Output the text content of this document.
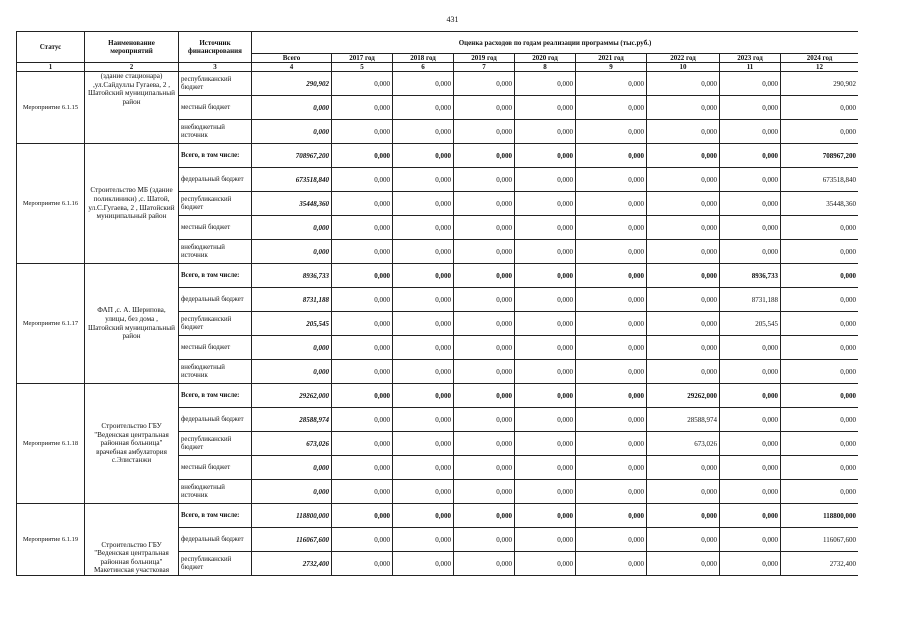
431
Статус	Наименование мероприятий	Источник финансирования	Оценка расходов по годам реализации программы (тыс.руб.)								
			Всего	2017 год	2018 год	2019 год	2020 год	2021 год	2022 год	2023 год	2024 год
1	2	3	4	5	6	7	8	9	10	11	12
Мероприятие 6.1.15	(здание стационара) ,ул.Сайдуллы Гугаева, 2 , Шатойский муниципальный район	республиканский бюджет	290,902	0,000	0,000	0,000	0,000	0,000	0,000	0,000	290,902
		местный бюджет	0,000	0,000	0,000	0,000	0,000	0,000	0,000	0,000	0,000
		внебюджетный источник	0,000	0,000	0,000	0,000	0,000	0,000	0,000	0,000	0,000
Мероприятие 6.1.16	Строительство МБ (здание поликлиники) ,с. Шатой, ул.С.Гугаева, 2 , Шатойский муниципальный район	Всего, в том числе:	708967,200	0,000	0,000	0,000	0,000	0,000	0,000	0,000	708967,200
		федеральный бюджет	673518,840	0,000	0,000	0,000	0,000	0,000	0,000	0,000	673518,840
		республиканский бюджет	35448,360	0,000	0,000	0,000	0,000	0,000	0,000	0,000	35448,360
		местный бюджет	0,000	0,000	0,000	0,000	0,000	0,000	0,000	0,000	0,000
		внебюджетный источник	0,000	0,000	0,000	0,000	0,000	0,000	0,000	0,000	0,000
Мероприятие 6.1.17	ФАП ,с. А. Шерипова, улицы, без дома , Шатойский муниципальный район	Всего, в том числе:	8936,733	0,000	0,000	0,000	0,000	0,000	0,000	8936,733	0,000
		федеральный бюджет	8731,188	0,000	0,000	0,000	0,000	0,000	0,000	8731,188	0,000
		республиканский бюджет	205,545	0,000	0,000	0,000	0,000	0,000	0,000	205,545	0,000
		местный бюджет	0,000	0,000	0,000	0,000	0,000	0,000	0,000	0,000	0,000
		внебюджетный источник	0,000	0,000	0,000	0,000	0,000	0,000	0,000	0,000	0,000
Мероприятие 6.1.18	Строительство ГБУ "Веденская центральная районная больница" врачебная амбулатория с.Элистанжи	Всего, в том числе:	29262,000	0,000	0,000	0,000	0,000	0,000	29262,000	0,000	0,000
		федеральный бюджет	28588,974	0,000	0,000	0,000	0,000	0,000	28588,974	0,000	0,000
		республиканский бюджет	673,026	0,000	0,000	0,000	0,000	0,000	673,026	0,000	0,000
		местный бюджет	0,000	0,000	0,000	0,000	0,000	0,000	0,000	0,000	0,000
		внебюджетный источник	0,000	0,000	0,000	0,000	0,000	0,000	0,000	0,000	0,000
Мероприятие 6.1.19	Строительство ГБУ "Веденская центральная районная больница" Макетинская участковая	Всего, в том числе:	118800,000	0,000	0,000	0,000	0,000	0,000	0,000	0,000	118800,000
		федеральный бюджет	116067,600	0,000	0,000	0,000	0,000	0,000	0,000	0,000	116067,600
		республиканский бюджет	2732,400	0,000	0,000	0,000	0,000	0,000	0,000	0,000	2732,400
